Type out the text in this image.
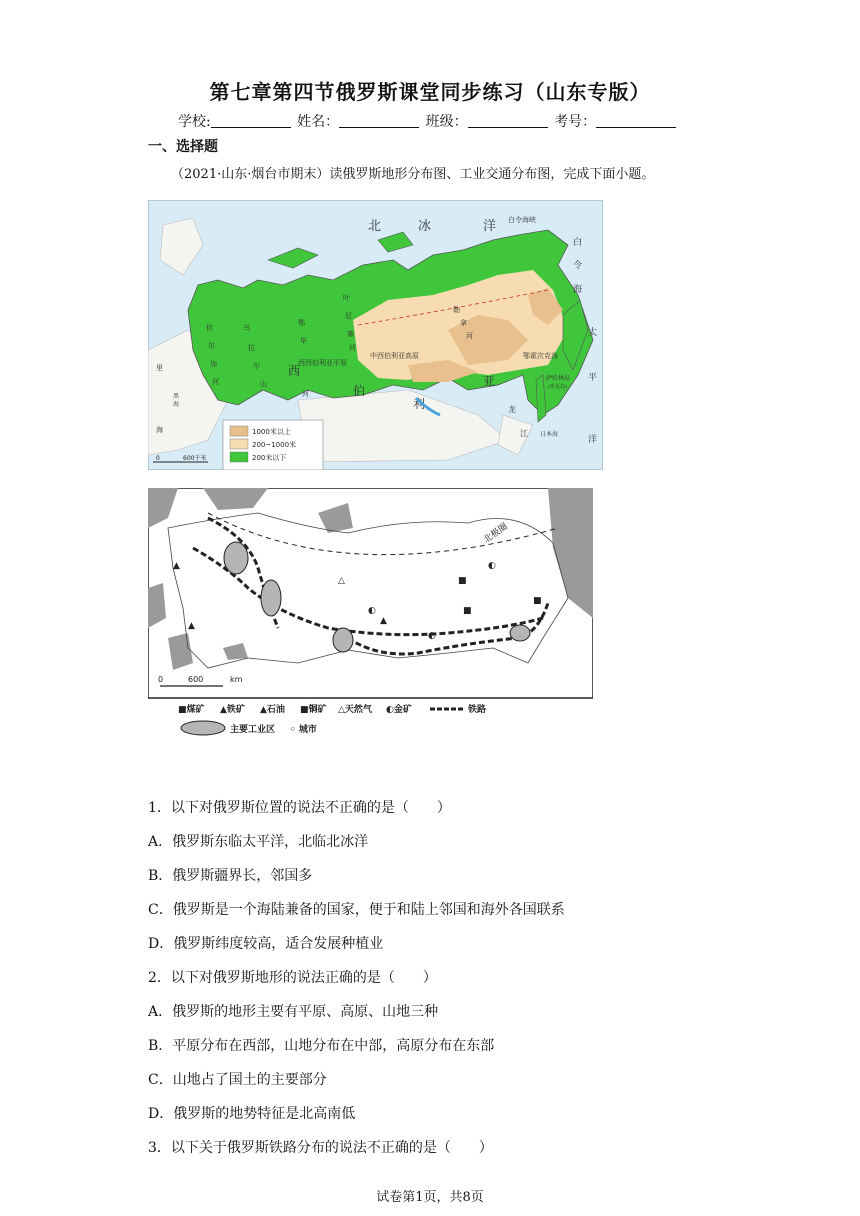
第七章第四节俄罗斯课堂同步练习（山东专版）
学校:	姓名：	班级：	考号：
一、选择题
（2021·山东·烟台市期末）读俄罗斯地形分布图、工业交通分布图，完成下面小题。
北	冰	洋 白令海峡
白
令
海
太
平
洋
鄂霍次克海
萨哈林岛
(库页岛)
日本海
龙
江
中西伯利亚高原
西西伯利亚平原
西
伯
利
亚
乌
拉
尔
山
伏
尔
加
河
鄂
毕
河
叶
尼
塞
河
勒
拿
河
里
海
黑
海
1000米以上
200~1000米
200米以下
0	600千米
北极圈
■
◐
△
◐
▲
■
◐
■
▲
▲
0	600	km
■煤矿 ▲铁矿 ▲石油 ■铜矿 △天然气 ◐金矿	铁路
主要工业区 ◦ 城市
1．以下对俄罗斯位置的说法不正确的是（　　）
A．俄罗斯东临太平洋，北临北冰洋
B．俄罗斯疆界长，邻国多
C．俄罗斯是一个海陆兼备的国家，便于和陆上邻国和海外各国联系
D．俄罗斯纬度较高，适合发展种植业
2．以下对俄罗斯地形的说法正确的是（　　）
A．俄罗斯的地形主要有平原、高原、山地三种
B．平原分布在西部，山地分布在中部，高原分布在东部
C．山地占了国土的主要部分
D．俄罗斯的地势特征是北高南低
3．以下关于俄罗斯铁路分布的说法不正确的是（　　）
试卷第1页，共8页
